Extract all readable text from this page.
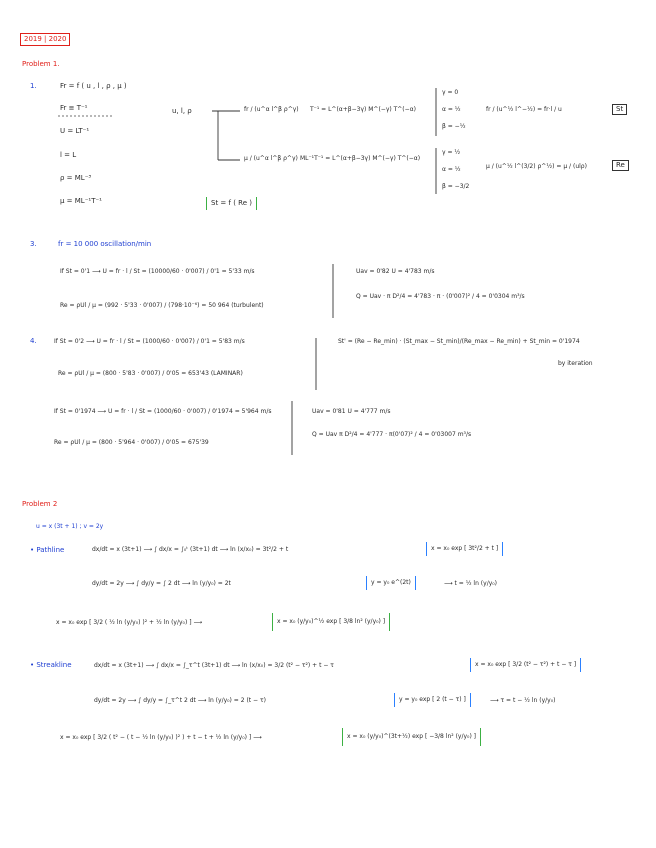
2019 | 2020
Problem 1.
1.	Fr = f ( u , l , ρ , μ )
Fr ≡ T⁻¹
U = LT⁻¹
l = L
ρ = ML⁻³
μ = ML⁻¹T⁻¹
u, l, ρ	fr / (u^α l^β ρ^γ) T⁻¹ = L^(α+β−3γ) M^(−γ) T^(−α)
γ = 0
α = ½
β = −½
fr / (u^½ l^−½) = fr·l / u	St
μ / (u^α l^β ρ^γ) ML⁻¹T⁻¹ = L^(α+β−3γ) M^(−γ) T^(−α)
γ = ½
α = ½
β = −3/2
μ / (u^½ l^(3/2) ρ^½) = μ / (ulρ)	Re
St = f ( Re )
3.	fr = 10 000 oscillation/min
If St = 0'1 ⟶ U = fr · l / St = (10000/60 · 0'007) / 0'1 = 5'33 m/s
Re = ρUl / μ = (992 · 5'33 · 0'007) / (798·10⁻⁶) = 50 964 (turbulent)
Uav = 0'82 U = 4'783 m/s
Q = Uav · π D²/4 = 4'783 · π · (0'007)² / 4 = 0'0304 m³/s
4.	If St = 0'2 ⟶ U = fr · l / St = (1000/60 · 0'007) / 0'1 = 5'83 m/s
Re = ρUl / μ = (800 · 5'83 · 0'007) / 0'05 = 653'43 (LAMINAR)
St' = (Re − Re_min) · (St_max − St_min)/(Re_max − Re_min) + St_min = 0'1974
by iteration
If St = 0'1974 ⟶ U = fr · l / St = (1000/60 · 0'007) / 0'1974 = 5'964 m/s
Re = ρUl / μ = (800 · 5'964 · 0'007) / 0'05 = 675'39
Uav = 0'81 U = 4'777 m/s
Q = Uav π D²/4 = 4'777 · π(0'07)² / 4 = 0'03007 m³/s
Problem 2
u = x (3t + 1) ; v = 2y
• Pathline	dx/dt = x (3t+1) ⟶ ∫ dx/x = ∫₀ᵗ (3t+1) dt ⟶ ln (x/x₀) = 3t²/2 + t	x = x₀ exp [ 3t²/2 + t ]
dy/dt = 2y ⟶ ∫ dy/y = ∫ 2 dt ⟶ ln (y/y₀) = 2t	y = y₀ e^(2t)	⟶ t = ½ ln (y/y₀)
x = x₀ exp [ 3/2 ( ½ ln (y/y₀) )² + ½ ln (y/y₀) ] ⟶	x = x₀ (y/y₀)^½ exp [ 3/8 ln² (y/y₀) ]
• Streakline	dx/dt = x (3t+1) ⟶ ∫ dx/x = ∫_τ^t (3t+1) dt ⟶ ln (x/x₀) = 3/2 (t² − τ²) + t − τ	x = x₀ exp [ 3/2 (t² − τ²) + t − τ ]
dy/dt = 2y ⟶ ∫ dy/y = ∫_τ^t 2 dt ⟶ ln (y/y₀) = 2 (t − τ)	y = y₀ exp [ 2 (t − τ) ]	⟶ τ = t − ½ ln (y/y₀)
x = x₀ exp [ 3/2 ( t² − ( t − ½ ln (y/y₀) )² ) + t − t + ½ ln (y/y₀) ] ⟶	x = x₀ (y/y₀)^(3t+½) exp [ −3/8 ln² (y/y₀) ]
